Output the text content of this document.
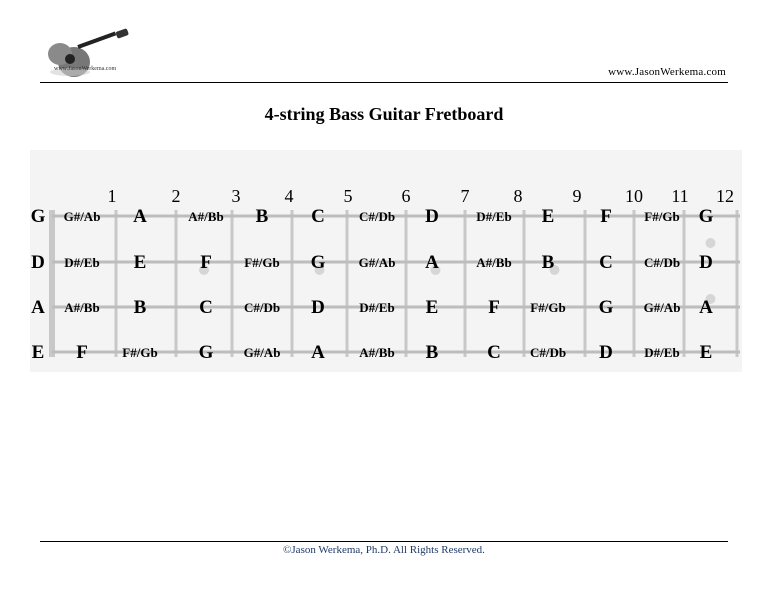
www.JasonWerkema.com	www.JasonWerkema.com
4-string Bass Guitar Fretboard
1	2	3 4	5	6	7 8	9 10 11 12
G G#/Ab A	A#/Bb B C	C#/Db D	D#/Eb E F F#/Gb G
D D#/Eb E	F F#/Gb G	G#/Ab A	A#/Bb B C C#/Db D
A A#/Bb B	C C#/Db D	D#/Eb E	F F#/Gb G G#/Ab A
E F	F#/Gb G G#/Ab A	A#/Bb B	C C#/Db D D#/Eb E
©Jason Werkema, Ph.D. All Rights Reserved.
